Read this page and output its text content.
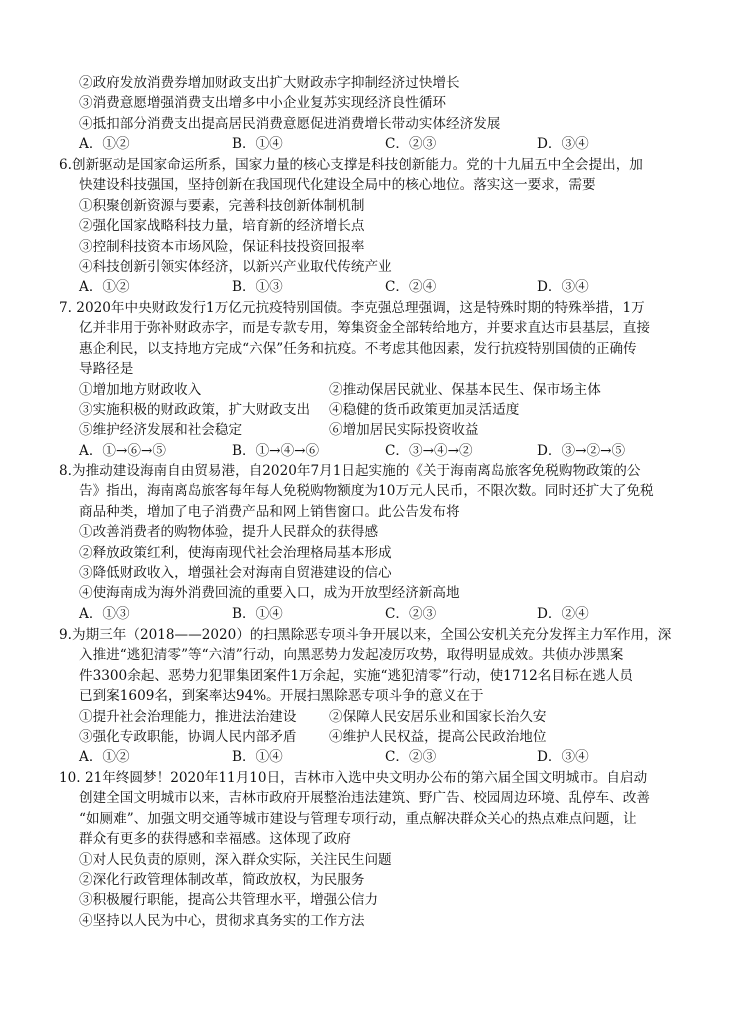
②政府发放消费券增加财政支出扩大财政赤字抑制经济过快增长
③消费意愿增强消费支出增多中小企业复苏实现经济良性循环
④抵扣部分消费支出提高居民消费意愿促进消费增长带动实体经济发展
A．①②	B．①④	C．②③	D．③④
6.创新驱动是国家命运所系，国家力量的核心支撑是科技创新能力。党的十九届五中全会提出，加
快建设科技强国，坚持创新在我国现代化建设全局中的核心地位。落实这一要求，需要
①积聚创新资源与要素，完善科技创新体制机制
②强化国家战略科技力量，培育新的经济增长点
③控制科技资本市场风险，保证科技投资回报率
④科技创新引领实体经济，以新兴产业取代传统产业
A．①②	B．①③	C．②④	D．③④
7. 2020年中央财政发行1万亿元抗疫特别国债。李克强总理强调，这是特殊时期的特殊举措，1万
亿并非用于弥补财政赤字，而是专款专用，筹集资金全部转给地方，并要求直达市县基层，直接
惠企利民，以支持地方完成“六保”任务和抗疫。不考虑其他因素，发行抗疫特别国债的正确传
导路径是
①增加地方财政收入	②推动保居民就业、保基本民生、保市场主体
③实施积极的财政政策，扩大财政支出 ④稳健的货币政策更加灵活适度
⑤维护经济发展和社会稳定	⑥增加居民实际投资收益
A．①→⑥→⑤	B．①→④→⑥	C．③→④→②	D．③→②→⑤
8.为推动建设海南自由贸易港，自2020年7月1日起实施的《关于海南离岛旅客免税购物政策的公
告》指出，海南离岛旅客每年每人免税购物额度为10万元人民币，不限次数。同时还扩大了免税
商品种类，增加了电子消费产品和网上销售窗口。此公告发布将
①改善消费者的购物体验，提升人民群众的获得感
②释放政策红利，使海南现代社会治理格局基本形成
③降低财政收入，增强社会对海南自贸港建设的信心
④使海南成为海外消费回流的重要入口，成为开放型经济新高地
A．①③	B．①④	C．②③	D．②④
9.为期三年（2018——2020）的扫黑除恶专项斗争开展以来，全国公安机关充分发挥主力军作用，深
入推进“逃犯清零”等“六清”行动，向黑恶势力发起凌厉攻势，取得明显成效。共侦办涉黑案
件3300余起、恶势力犯罪集团案件1万余起，实施“逃犯清零”行动，使1712名目标在逃人员
已到案1609名，到案率达94%。开展扫黑除恶专项斗争的意义在于
①提升社会治理能力，推进法治建设 ②保障人民安居乐业和国家长治久安
③强化专政职能，协调人民内部矛盾 ④维护人民权益，提高公民政治地位
A．①②	B．①④	C．②③	D．③④
10. 21年终圆梦！2020年11月10日，吉林市入选中央文明办公布的第六届全国文明城市。自启动
创建全国文明城市以来，吉林市政府开展整治违法建筑、野广告、校园周边环境、乱停车、改善
“如厕难”、加强文明交通等城市建设与管理专项行动，重点解决群众关心的热点难点问题，让
群众有更多的获得感和幸福感。这体现了政府
①对人民负责的原则，深入群众实际，关注民生问题
②深化行政管理体制改革，简政放权，为民服务
③积极履行职能，提高公共管理水平，增强公信力
④坚持以人民为中心，贯彻求真务实的工作方法
